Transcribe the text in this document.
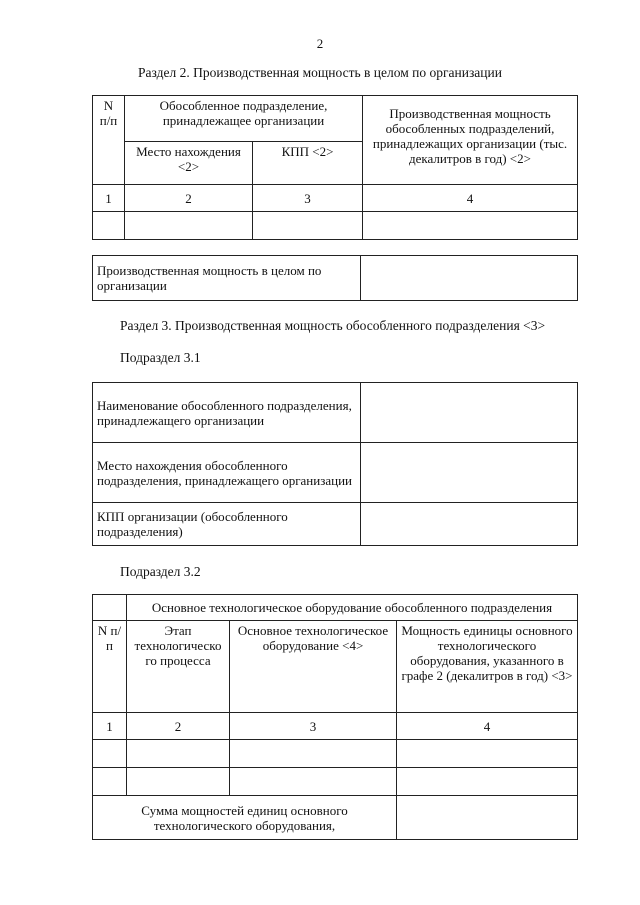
2
Раздел 2. Производственная мощность в целом по организации
N п/п	Обособленное подразделение, принадлежащее организации		Производственная мощность обособленных подразделений, принадлежащих организации (тыс. декалитров в год) <2>
	Место нахождения <2>	КПП <2>	
1	2	3	4

Производственная мощность в целом по организации	
Раздел 3. Производственная мощность обособленного подразделения <3>
Подраздел 3.1
Наименование обособленного подразделения, принадлежащего организации	
Место нахождения обособленного подразделения, принадлежащего организации	
КПП организации (обособленного подразделения)	
Подраздел 3.2
	Основное технологическое оборудование обособленного подразделения		
N п/п	Этап технологическо го процесса	Основное технологическое оборудование <4>	Мощность единицы основного технологического оборудования, указанного в графе 2 (декалитров в год) <3>
1	2	3	4

Сумма мощностей единиц основного технологического оборудования,			
